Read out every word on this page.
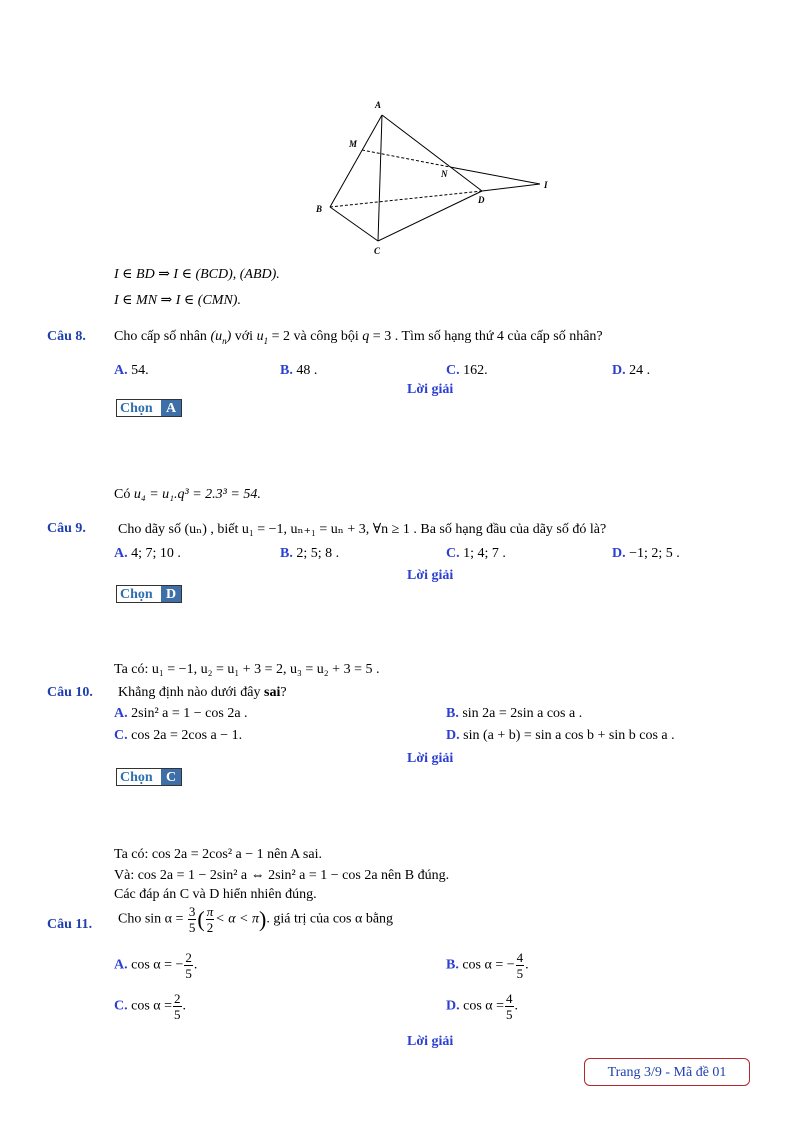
A
M
N
I
B
D
C
I ∈ BD ⇒ I ∈ (BCD), (ABD).
I ∈ MN ⇒ I ∈ (CMN).
Câu 8. Cho cấp số nhân $(u_n)$ với $u_1 = 2$ và công bội q = 3 . Tìm số hạng thứ 4 của cấp số nhân?
A. 54.	B. 48 .	C. 162.	D. 24 .
Lời giải
Chọn A
Có u₄ = u₁.q³ = 2.3³ = 54.
Câu 9. Cho dãy số (uₙ) , biết u₁ = −1, uₙ₊₁ = uₙ + 3, ∀n ≥ 1 . Ba số hạng đầu của dãy số đó là?
A. 4; 7; 10 .	B. 2; 5; 8 .	C. 1; 4; 7 .	D. −1; 2; 5 .
Lời giải
Chọn D
Ta có: u₁ = −1, u₂ = u₁ + 3 = 2, u₃ = u₂ + 3 = 5 .
Câu 10. Khẳng định nào dưới đây sai?
A. 2sin² a = 1 − cos 2a .	B. sin 2a = 2sin a cos a .
C. cos 2a = 2cos a − 1.	D. sin (a + b) = sin a cos b + sin b cos a .
Lời giải
Chọn C
Ta có: cos 2a = 2cos² a − 1 nên A sai.
Và: cos 2a = 1 − 2sin² a ⇔ 2sin² a = 1 − cos 2a nên B đúng.
Các đáp án C và D hiển nhiên đúng.
Câu 11. Cho $\sin \alpha = \frac{3}{5}$ ( $\frac{\pi}{2} < \alpha < \pi$). giá trị của cos α bằng
A. cos α = − $\frac{2}{5}$ .	B. cos α = − $\frac{4}{5}$ .
C. $\cos \alpha = \frac{2}{5}$ .	D. $\cos \alpha = \frac{4}{5}$ .
Lời giải
Trang 3/9 - Mã đề 01
